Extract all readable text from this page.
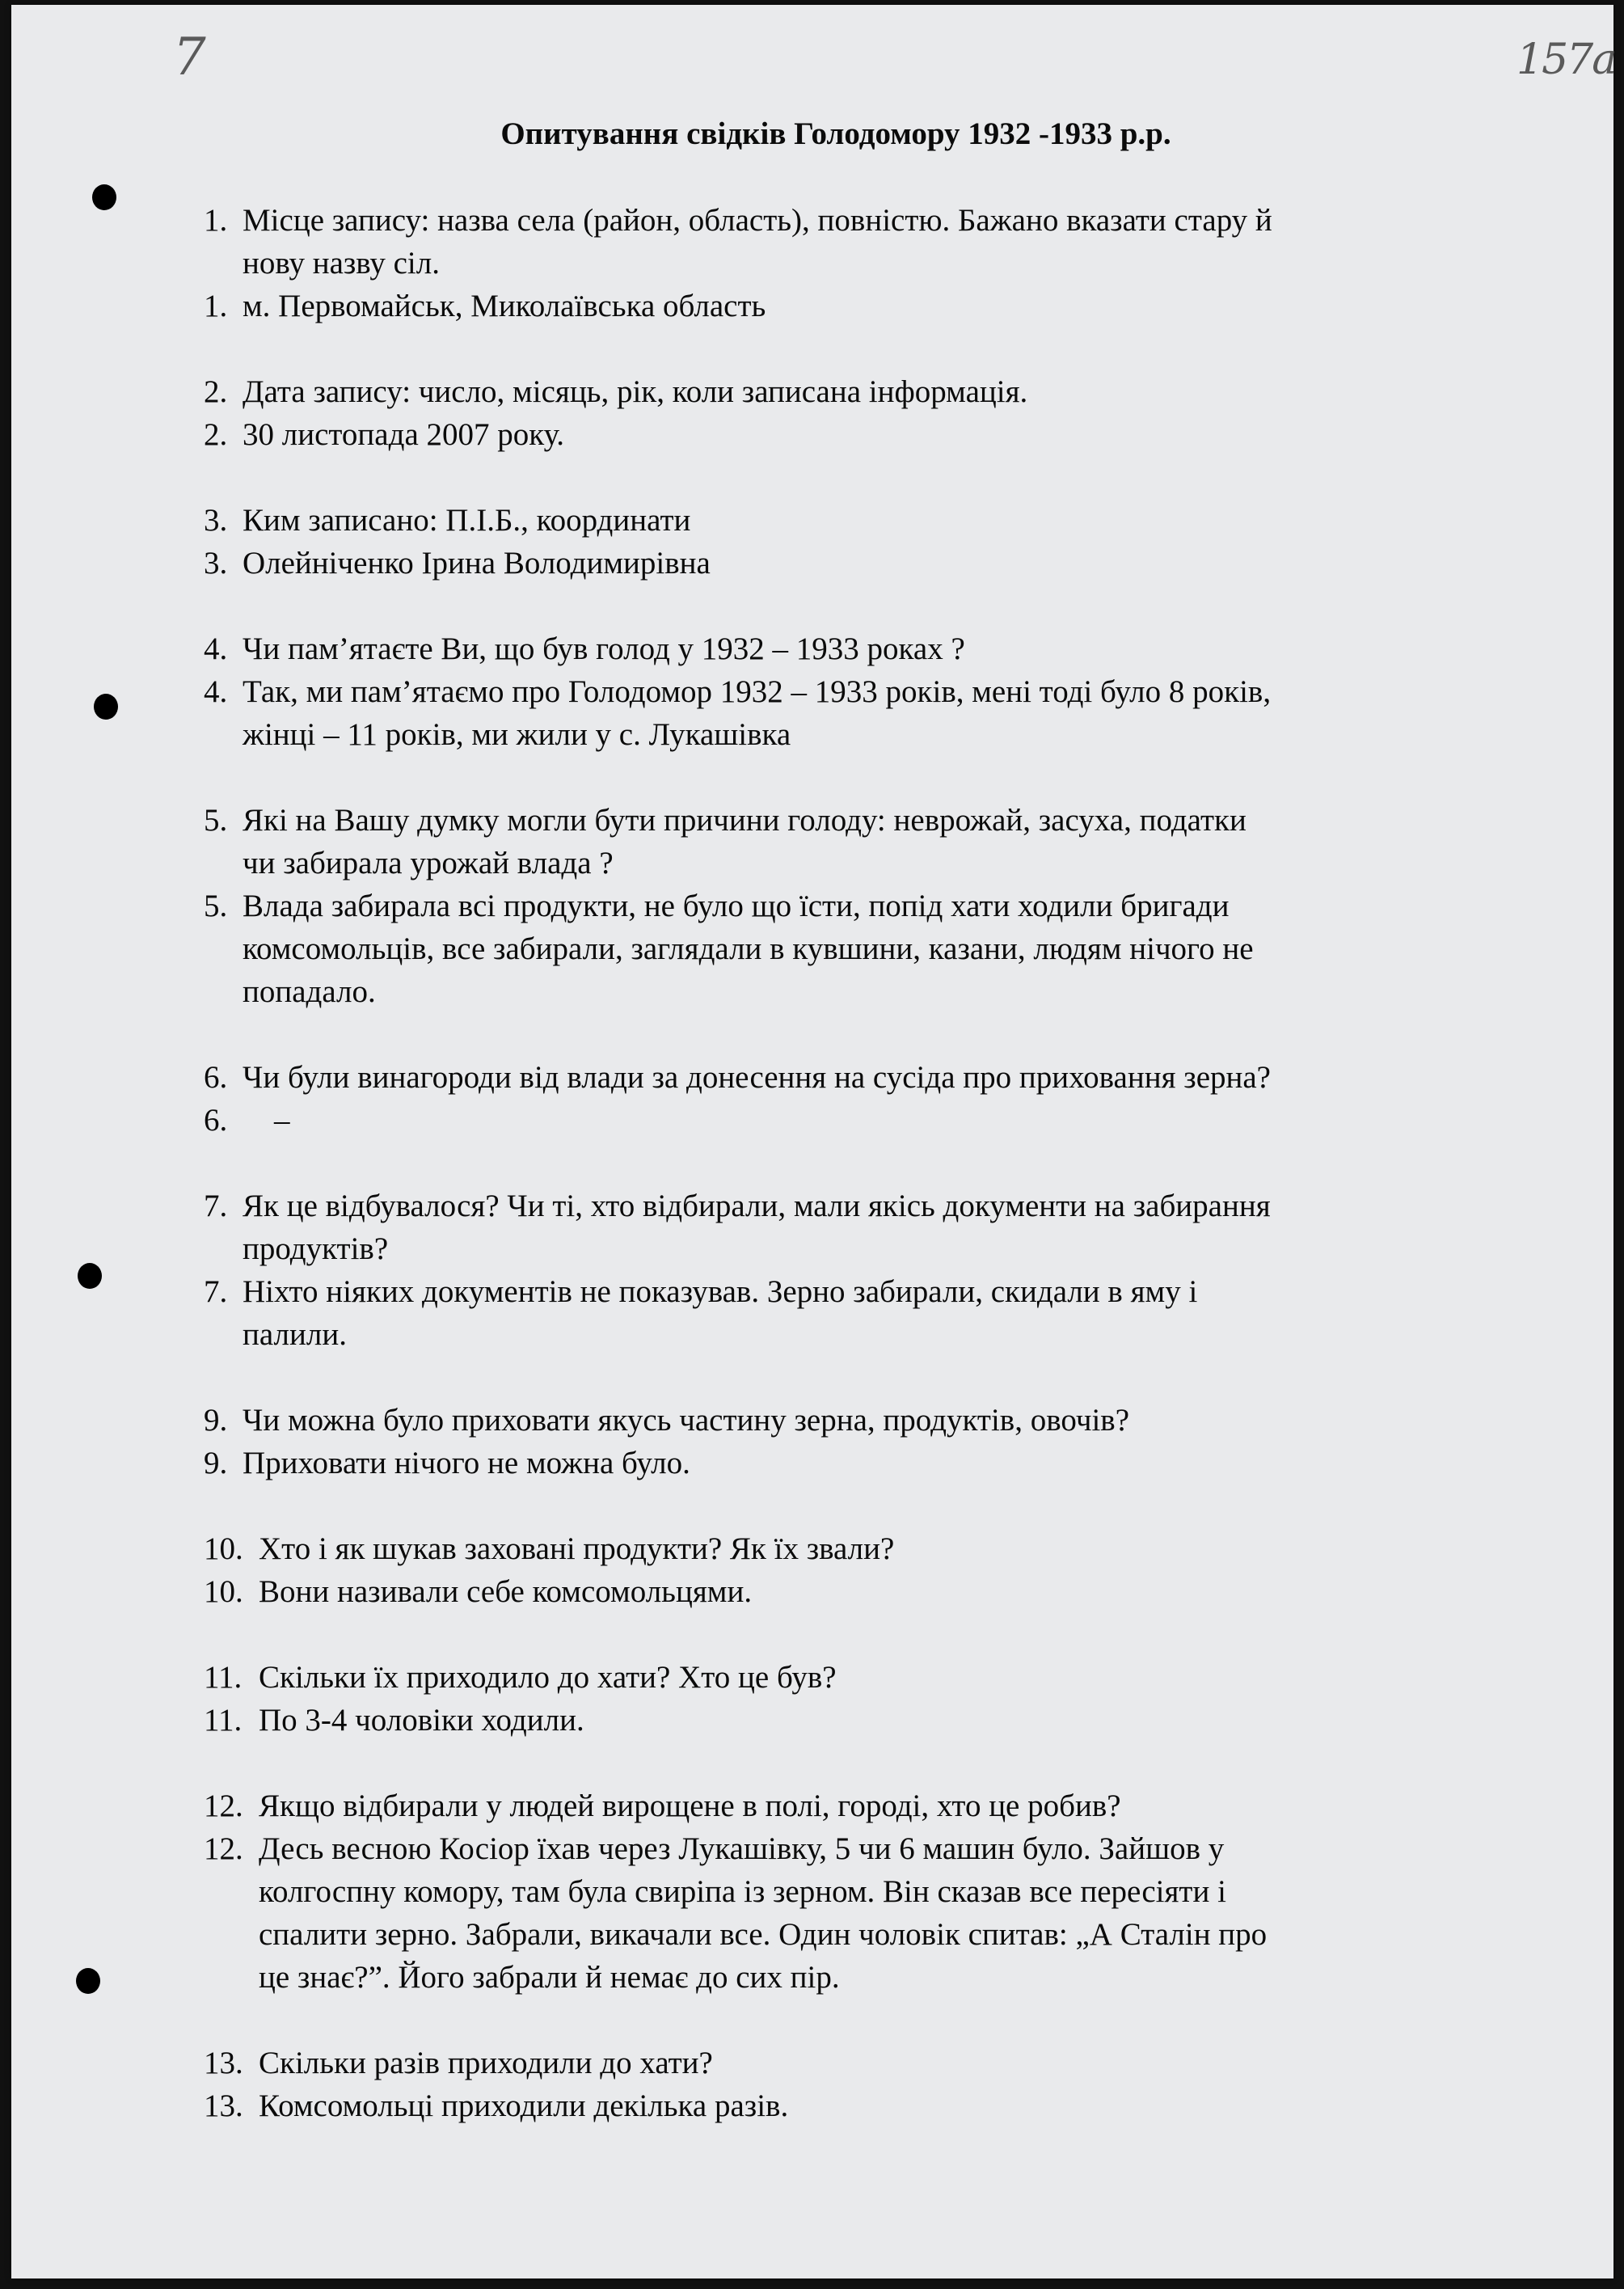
7	157а
Опитування свідків Голодомору 1932 -1933 р.р.
1. Місце запису: назва села (район, область), повністю. Бажано вказати стару й
нову назву сіл.
1. м. Первомайськ, Миколаївська область
2. Дата запису: число, місяць, рік, коли записана інформація.
2. 30 листопада 2007 року.
3. Ким записано: П.І.Б., координати
3. Олейніченко Ірина Володимирівна
4. Чи пам’ятаєте Ви, що був голод у 1932 – 1933 роках ?
4. Так, ми пам’ятаємо про Голодомор 1932 – 1933 років, мені тоді було 8 років,
жінці – 11 років, ми жили у с. Лукашівка
5. Які на Вашу думку могли бути причини голоду: неврожай, засуха, податки
чи забирала урожай влада ?
5. Влада забирала всі продукти, не було що їсти, попід хати ходили бригади
комсомольців, все забирали, заглядали в кувшини, казани, людям нічого не
попадало.
6. Чи були винагороди від влади за донесення на сусіда про приховання зерна?
6. –
7. Як це відбувалося? Чи ті, хто відбирали, мали якісь документи на забирання
продуктів?
7. Ніхто ніяких документів не показував. Зерно забирали, скидали в яму і
палили.
9. Чи можна було приховати якусь частину зерна, продуктів, овочів?
9. Приховати нічого не можна було.
10. Хто і як шукав заховані продукти? Як їх звали?
10. Вони називали себе комсомольцями.
11. Скільки їх приходило до хати? Хто це був?
11. По 3-4 чоловіки ходили.
12. Якщо відбирали у людей вирощене в полі, городі, хто це робив?
12. Десь весною Косіор їхав через Лукашівку, 5 чи 6 машин було. Зайшов у
колгоспну комору, там була свиріпа із зерном. Він сказав все пересіяти і
спалити зерно. Забрали, викачали все. Один чоловік спитав: „А Сталін про
це знає?”. Його забрали й немає до сих пір.
13. Скільки разів приходили до хати?
13. Комсомольці приходили декілька разів.
